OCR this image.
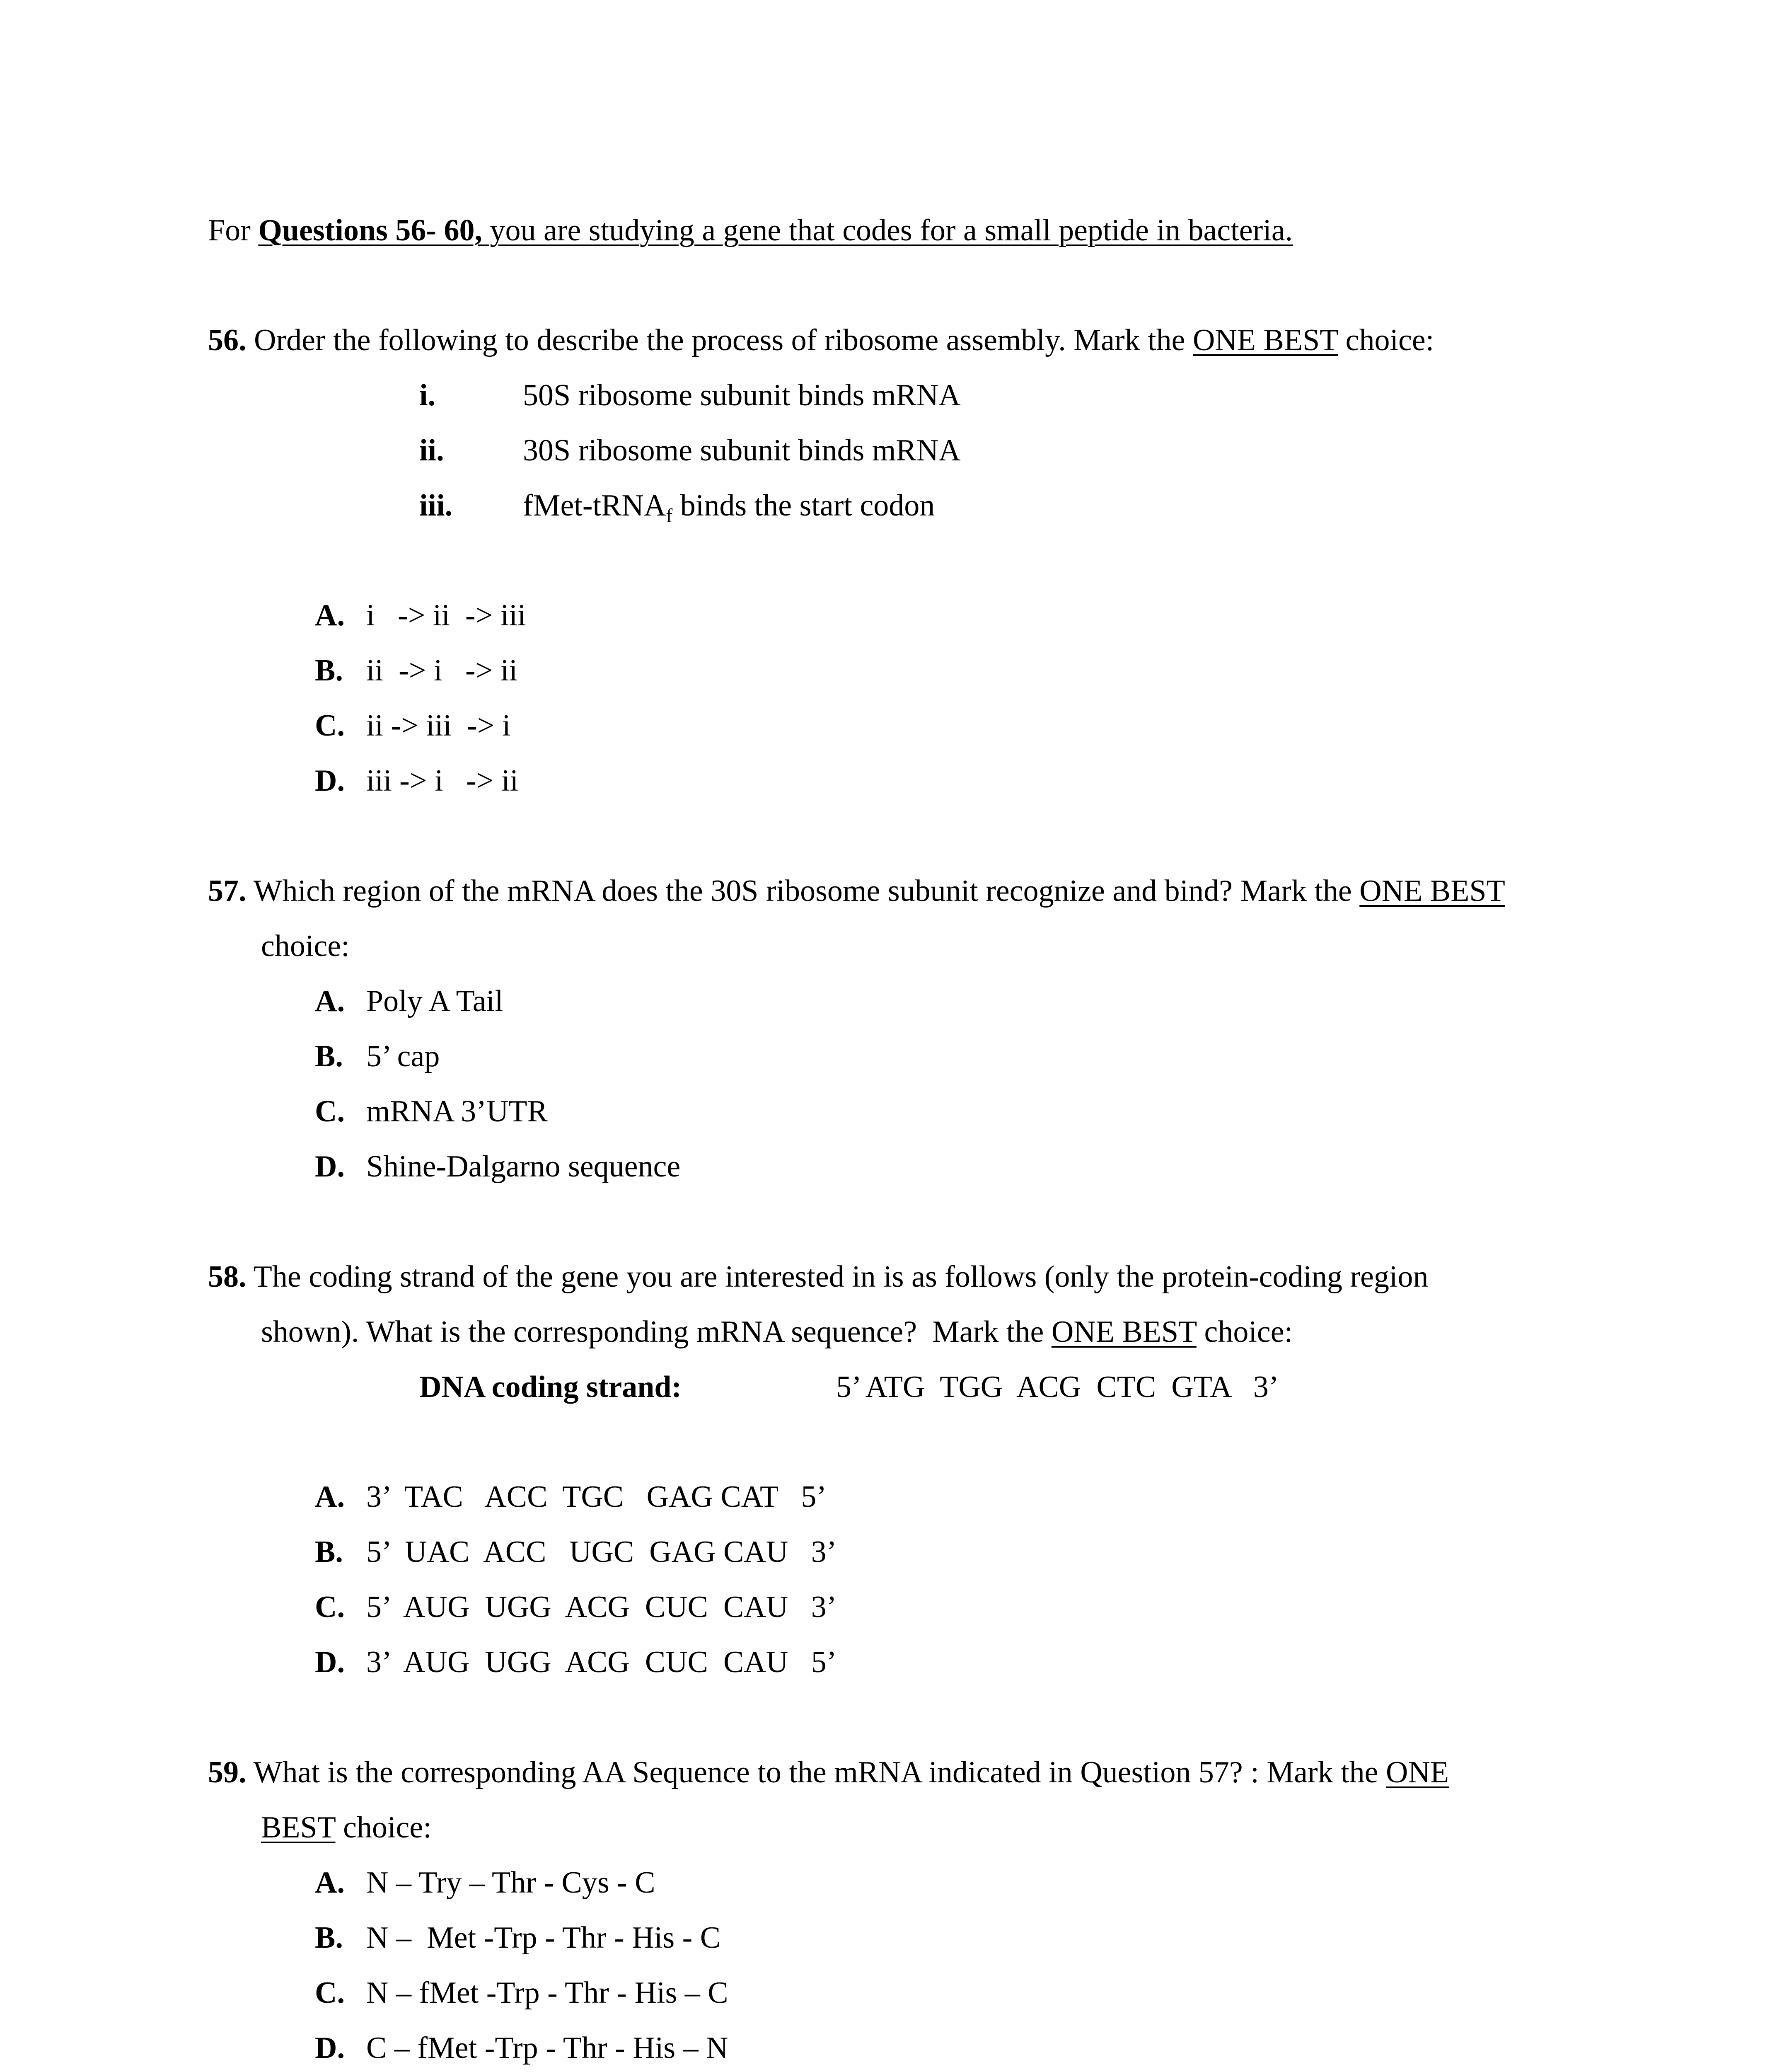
For Questions 56- 60, you are studying a gene that codes for a small peptide in bacteria.

56. Order the following to describe the process of ribosome assembly. Mark the ONE BEST choice:

i.	50S ribosome subunit binds mRNA

ii.	30S ribosome subunit binds mRNA

iii. fMet-tRNA$_f$ binds the start codon

A. i   -> ii  -> iii

B. ii  -> i   -> ii

C. ii -> iii  -> i

D. iii -> i   -> ii

57. Which region of the mRNA does the 30S ribosome subunit recognize and bind? Mark the ONE BEST

choice:

A. Poly A Tail

B. 5’ cap

C. mRNA 3’UTR

D. Shine-Dalgarno sequence

58. The coding strand of the gene you are interested in is as follows (only the protein-coding region

shown). What is the corresponding mRNA sequence?  Mark the ONE BEST choice:

DNA coding strand:	5’ ATG  TGG  ACG  CTC  GTA   3’

A. 3’  TAC   ACC  TGC   GAG CAT   5’

B. 5’  UAC  ACC   UGC  GAG CAU   3’

C. 5’  AUG  UGG  ACG  CUC  CAU   3’

D. 3’  AUG  UGG  ACG  CUC  CAU   5’

59. What is the corresponding AA Sequence to the mRNA indicated in Question 57? : Mark the ONE

BEST choice:

A. N – Try – Thr - Cys - C

B. N –  Met -Trp - Thr - His - C

C. N – fMet -Trp - Thr - His – C

D. C – fMet -Trp - Thr - His – N
